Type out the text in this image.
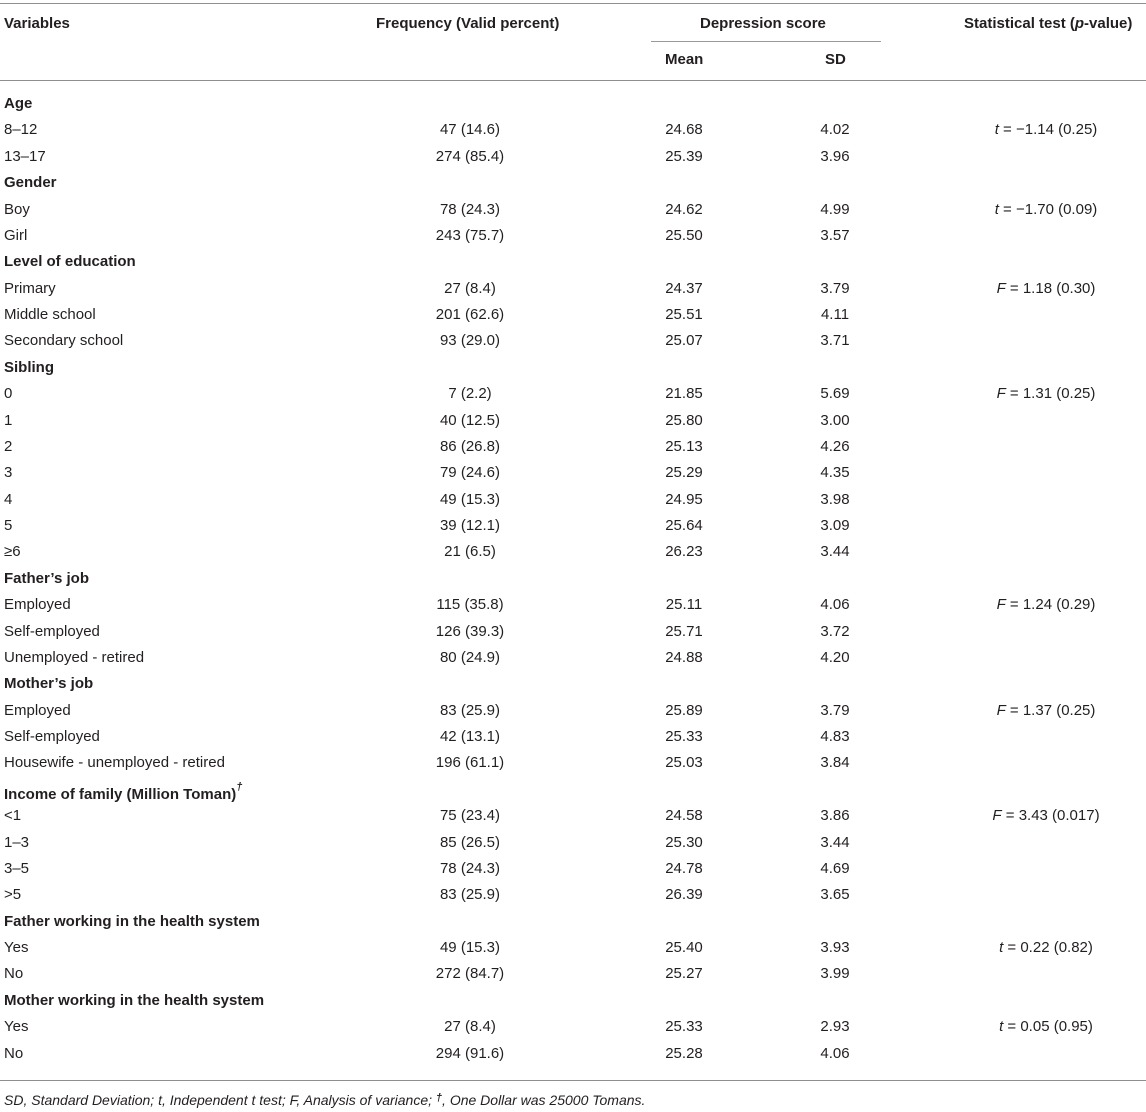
Variables	Frequency (Valid percent)	Depression score	Statistical test (p-value)
Mean	SD
Age
8–12	47 (14.6)	24.68	4.02	t = −1.14 (0.25)
13–17	274 (85.4)	25.39	3.96
Gender
Boy	78 (24.3)	24.62	4.99	t = −1.70 (0.09)
Girl	243 (75.7)	25.50	3.57
Level of education
Primary	27 (8.4)	24.37	3.79	F = 1.18 (0.30)
Middle school	201 (62.6)	25.51	4.11
Secondary school	93 (29.0)	25.07	3.71
Sibling
0	7 (2.2)	21.85	5.69	F = 1.31 (0.25)
1	40 (12.5)	25.80	3.00
2	86 (26.8)	25.13	4.26
3	79 (24.6)	25.29	4.35
4	49 (15.3)	24.95	3.98
5	39 (12.1)	25.64	3.09
≥6	21 (6.5)	26.23	3.44
Father’s job
Employed	115 (35.8)	25.11	4.06	F = 1.24 (0.29)
Self-employed	126 (39.3)	25.71	3.72
Unemployed - retired	80 (24.9)	24.88	4.20
Mother’s job
Employed	83 (25.9)	25.89	3.79	F = 1.37 (0.25)
Self-employed	42 (13.1)	25.33	4.83
Housewife - unemployed - retired	196 (61.1)	25.03	3.84
Income of family (Million Toman)†
<1	75 (23.4)	24.58	3.86	F = 3.43 (0.017)
1–3	85 (26.5)	25.30	3.44
3–5	78 (24.3)	24.78	4.69
>5	83 (25.9)	26.39	3.65
Father working in the health system
Yes	49 (15.3)	25.40	3.93	t = 0.22 (0.82)
No	272 (84.7)	25.27	3.99
Mother working in the health system
Yes	27 (8.4)	25.33	2.93	t = 0.05 (0.95)
No	294 (91.6)	25.28	4.06
SD, Standard Deviation; t, Independent t test; F, Analysis of variance; †, One Dollar was 25000 Tomans.
